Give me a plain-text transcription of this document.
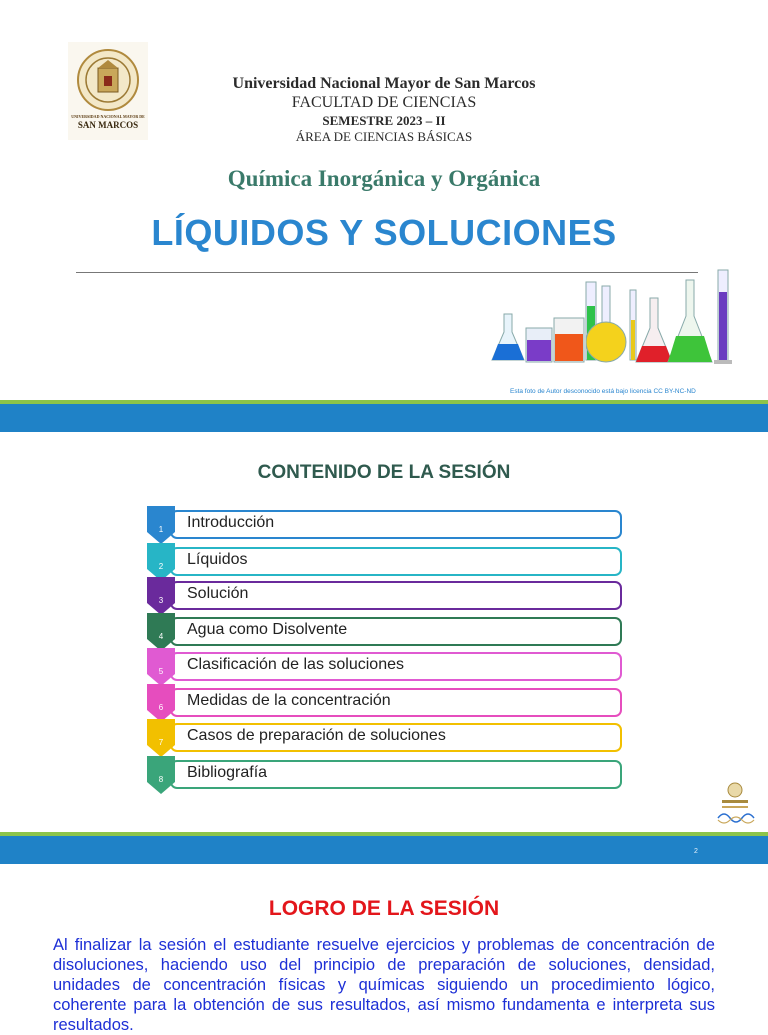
UNIVERSIDAD NACIONAL MAYOR DE
SAN MARCOS
Universidad Nacional Mayor de San Marcos
FACULTAD DE CIENCIAS
SEMESTRE 2023 – II
ÁREA DE CIENCIAS BÁSICAS
Química Inorgánica y Orgánica
LÍQUIDOS Y SOLUCIONES
Esta foto de Autor desconocido está bajo licencia CC BY-NC-ND
CONTENIDO DE LA SESIÓN
Introducción
1
Líquidos
2
Solución
3
Agua como Disolvente
4
Clasificación de las soluciones
5
Medidas de la concentración
6
Casos de preparación de soluciones
7
Bibliografía
8
2
LOGRO DE LA SESIÓN
Al finalizar la sesión el estudiante resuelve ejercicios y problemas de concentración de disoluciones, haciendo uso del principio de preparación de soluciones, densidad, unidades de concentración físicas y químicas siguiendo un procedimiento lógico, coherente para la obtención de sus resultados, así mismo fundamenta e interpreta sus resultados.
